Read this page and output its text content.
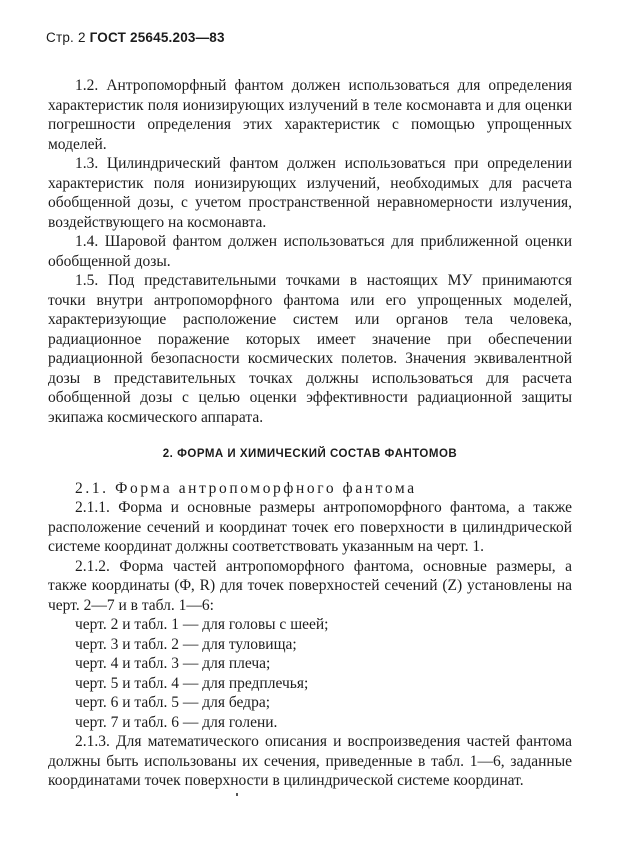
Стр. 2 ГОСТ 25645.203—83

1.2. Антропоморфный фантом должен использоваться для определения характеристик поля ионизирующих излучений в теле космонавта и для оценки погрешности определения этих характеристик с помощью упрощенных моделей.

1.3. Цилиндрический фантом должен использоваться при определении характеристик поля ионизирующих излучений, необходимых для расчета обобщенной дозы, с учетом пространственной неравномерности излучения, воздействующего на космонавта.

1.4. Шаровой фантом должен использоваться для приближенной оценки обобщенной дозы.

1.5. Под представительными точками в настоящих МУ принимаются точки внутри антропоморфного фантома или его упрощенных моделей, характеризующие расположение систем или органов тела человека, радиационное поражение которых имеет значение при обеспечении радиационной безопасности космических полетов. Значения эквивалентной дозы в представительных точках должны использоваться для расчета обобщенной дозы с целью оценки эффективности радиационной защиты экипажа космического аппарата.

2. ФОРМА И ХИМИЧЕСКИЙ СОСТАВ ФАНТОМОВ

2.1. Форма антропоморфного фантома

2.1.1. Форма и основные размеры антропоморфного фантома, а также расположение сечений и координат точек его поверхности в цилиндрической системе координат должны соответствовать указанным на черт. 1.

2.1.2. Форма частей антропоморфного фантома, основные размеры, а также координаты (Φ, R) для точек поверхностей сечений (Z) установлены на черт. 2—7 и в табл. 1—6:

черт. 2 и табл. 1 — для головы с шеей;
черт. 3 и табл. 2 — для туловища;
черт. 4 и табл. 3 — для плеча;
черт. 5 и табл. 4 — для предплечья;
черт. 6 и табл. 5 — для бедра;
черт. 7 и табл. 6 — для голени.

2.1.3. Для математического описания и воспроизведения частей фантома должны быть использованы их сечения, приведенные в табл. 1—6, заданные координатами точек поверхности в цилиндрической системе координат.
